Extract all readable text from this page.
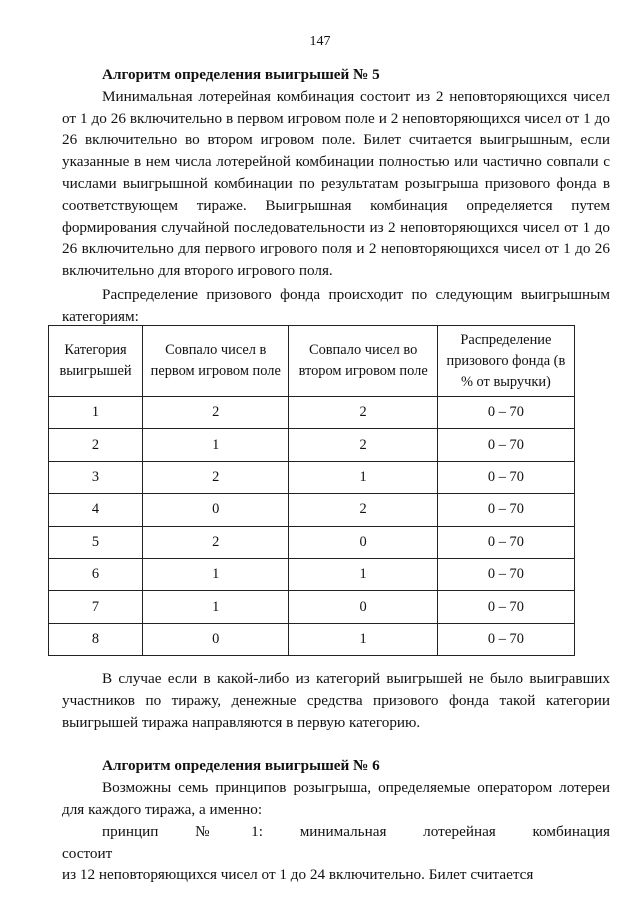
147
Алгоритм определения выигрышей № 5

Минимальная лотерейная комбинация состоит из 2 неповторяющихся чисел от 1 до 26 включительно в первом игровом поле и 2 неповторяющихся чисел от 1 до 26 включительно во втором игровом поле. Билет считается выигрышным, если указанные в нем числа лотерейной комбинации полностью или частично совпали с числами выигрышной комбинации по результатам розыгрыша призового фонда в соответствующем тираже. Выигрышная комбинация определяется путем формирования случайной последовательности из 2 неповторяющихся чисел от 1 до 26 включительно для первого игрового поля и 2 неповторяющихся чисел от 1 до 26 включительно для второго игрового поля.

Распределение призового фонда происходит по следующим выигрышным категориям:

Категория выигрышей	Совпало чисел в первом игровом поле	Совпало чисел во втором игровом поле	Распределение призового фонда (в % от выручки)
1	2	2	0 – 70
2	1	2	0 – 70
3	2	1	0 – 70
4	0	2	0 – 70
5	2	0	0 – 70
6	1	1	0 – 70
7	1	0	0 – 70
8	0	1	0 – 70

В случае если в какой-либо из категорий выигрышей не было выигравших участников по тиражу, денежные средства призового фонда такой категории выигрышей тиража направляются в первую категорию.

Алгоритм определения выигрышей № 6

Возможны семь принципов розыгрыша, определяемые оператором лотереи для каждого тиража, а именно:

принцип № 1: минимальная лотерейная комбинация состоит
из 12 неповторяющихся чисел от 1 до 24 включительно. Билет считается
